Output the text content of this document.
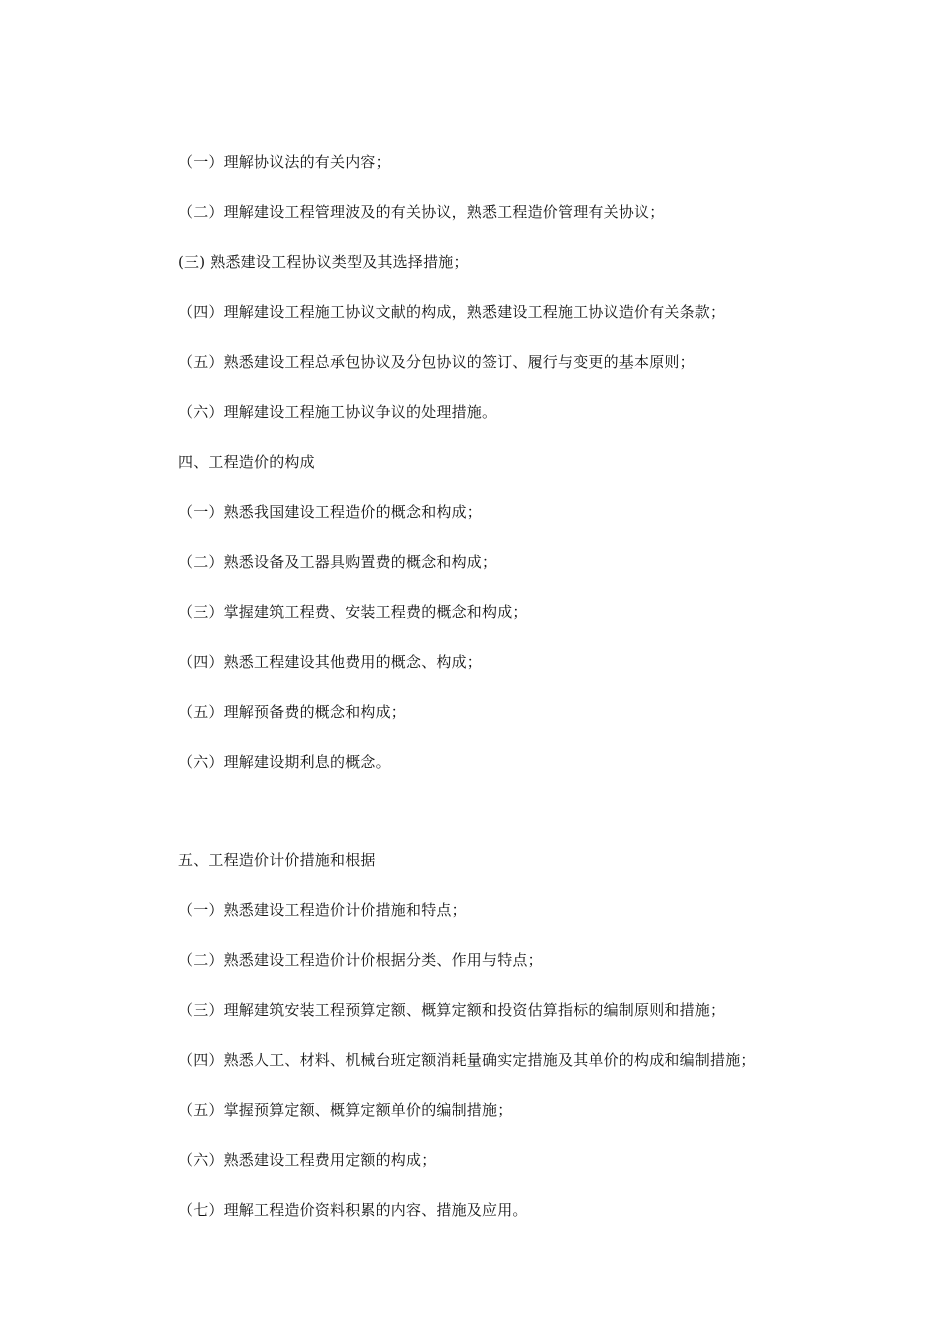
（一）理解协议法的有关内容；
（二）理解建设工程管理波及的有关协议，熟悉工程造价管理有关协议；
(三) 熟悉建设工程协议类型及其选择措施；
（四）理解建设工程施工协议文献的构成，熟悉建设工程施工协议造价有关条款；
（五）熟悉建设工程总承包协议及分包协议的签订、履行与变更的基本原则；
（六）理解建设工程施工协议争议的处理措施。
四、工程造价的构成
（一）熟悉我国建设工程造价的概念和构成；
（二）熟悉设备及工器具购置费的概念和构成；
（三）掌握建筑工程费、安装工程费的概念和构成；
（四）熟悉工程建设其他费用的概念、构成；
（五）理解预备费的概念和构成；
（六）理解建设期利息的概念。
五、工程造价计价措施和根据
（一）熟悉建设工程造价计价措施和特点；
（二）熟悉建设工程造价计价根据分类、作用与特点；
（三）理解建筑安装工程预算定额、概算定额和投资估算指标的编制原则和措施；
（四）熟悉人工、材料、机械台班定额消耗量确实定措施及其单价的构成和编制措施；
（五）掌握预算定额、概算定额单价的编制措施；
（六）熟悉建设工程费用定额的构成；
（七）理解工程造价资料积累的内容、措施及应用。
